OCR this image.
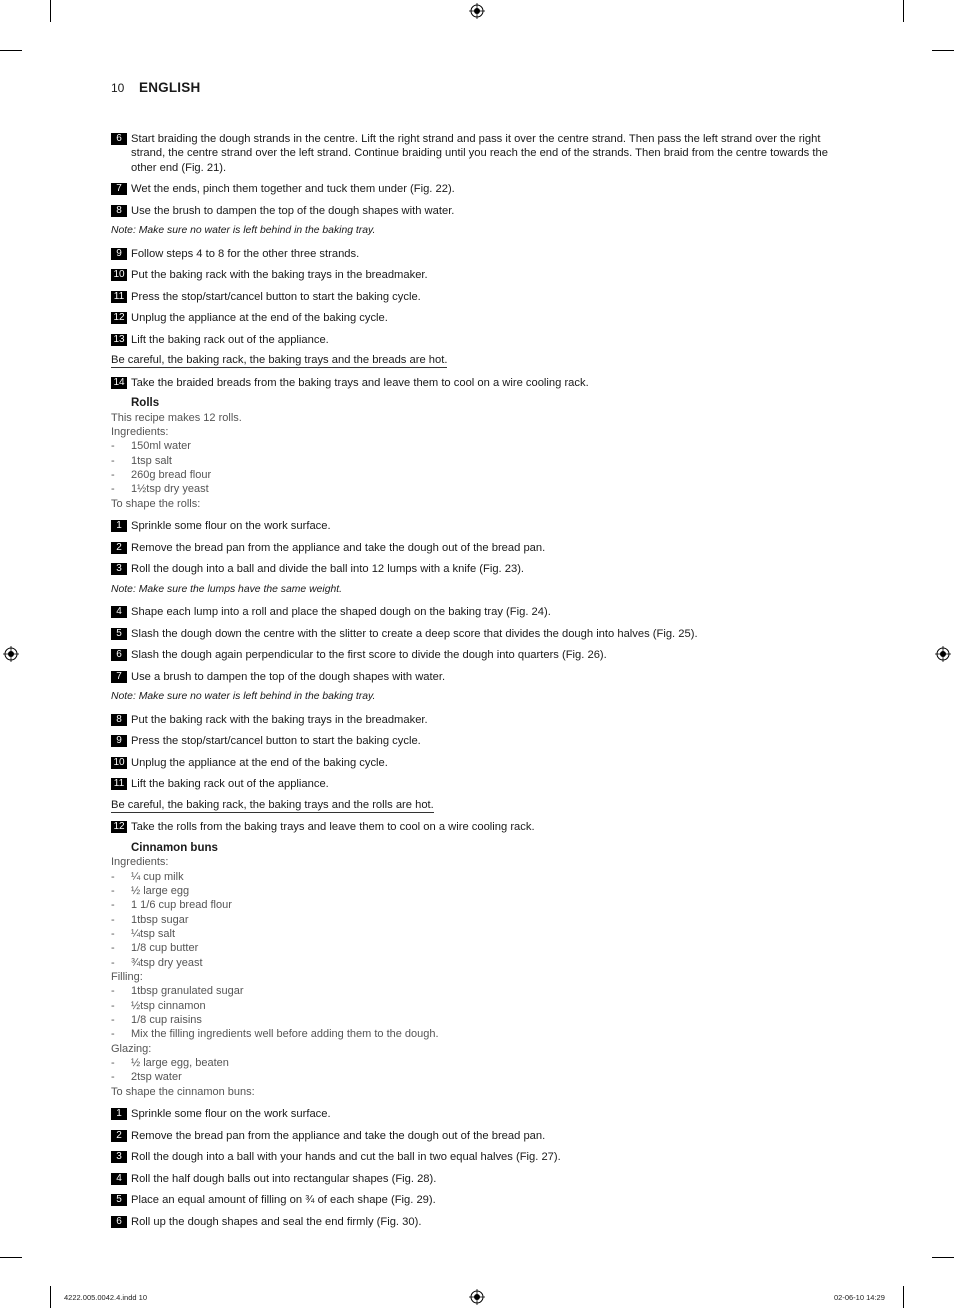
10 ENGLISH
6 Start braiding the dough strands in the centre. Lift the right strand and pass it over the centre strand. Then pass the left strand over the right strand, the centre strand over the left strand. Continue braiding until you reach the end of the strands. Then braid from the centre towards the other end (Fig. 21).
7 Wet the ends, pinch them together and tuck them under (Fig. 22).
8 Use the brush to dampen the top of the dough shapes with water.
Note: Make sure no water is left behind in the baking tray.
9 Follow steps 4 to 8 for the other three strands.
10 Put the baking rack with the baking trays in the breadmaker.
11 Press the stop/start/cancel button to start the baking cycle.
12 Unplug the appliance at the end of the baking cycle.
13 Lift the baking rack out of the appliance.
Be careful, the baking rack, the baking trays and the breads are hot.
14 Take the braided breads from the baking trays and leave them to cool on a wire cooling rack.
Rolls
This recipe makes 12 rolls.
Ingredients:
- 150ml water
- 1tsp salt
- 260g bread flour
- 1½tsp dry yeast
To shape the rolls:
1 Sprinkle some flour on the work surface.
2 Remove the bread pan from the appliance and take the dough out of the bread pan.
3 Roll the dough into a ball and divide the ball into 12 lumps with a knife (Fig. 23).
Note: Make sure the lumps have the same weight.
4 Shape each lump into a roll and place the shaped dough on the baking tray (Fig. 24).
5 Slash the dough down the centre with the slitter to create a deep score that divides the dough into halves (Fig. 25).
6 Slash the dough again perpendicular to the first score to divide the dough into quarters (Fig. 26).
7 Use a brush to dampen the top of the dough shapes with water.
Note: Make sure no water is left behind in the baking tray.
8 Put the baking rack with the baking trays in the breadmaker.
9 Press the stop/start/cancel button to start the baking cycle.
10 Unplug the appliance at the end of the baking cycle.
11 Lift the baking rack out of the appliance.
Be careful, the baking rack, the baking trays and the rolls are hot.
12 Take the rolls from the baking trays and leave them to cool on a wire cooling rack.
Cinnamon buns
Ingredients:
- ¼ cup milk
- ½ large egg
- 1 1/6 cup bread flour
- 1tbsp sugar
- ¼tsp salt
- 1/8 cup butter
- ¾tsp dry yeast
Filling:
- 1tbsp granulated sugar
- ½tsp cinnamon
- 1/8 cup raisins
- Mix the filling ingredients well before adding them to the dough.
Glazing:
- ½ large egg, beaten
- 2tsp water
To shape the cinnamon buns:
1 Sprinkle some flour on the work surface.
2 Remove the bread pan from the appliance and take the dough out of the bread pan.
3 Roll the dough into a ball with your hands and cut the ball in two equal halves (Fig. 27).
4 Roll the half dough balls out into rectangular shapes (Fig. 28).
5 Place an equal amount of filling on ¾ of each shape (Fig. 29).
6 Roll up the dough shapes and seal the end firmly (Fig. 30).
4222.005.0042.4.indd 10	02-06-10 14:29
